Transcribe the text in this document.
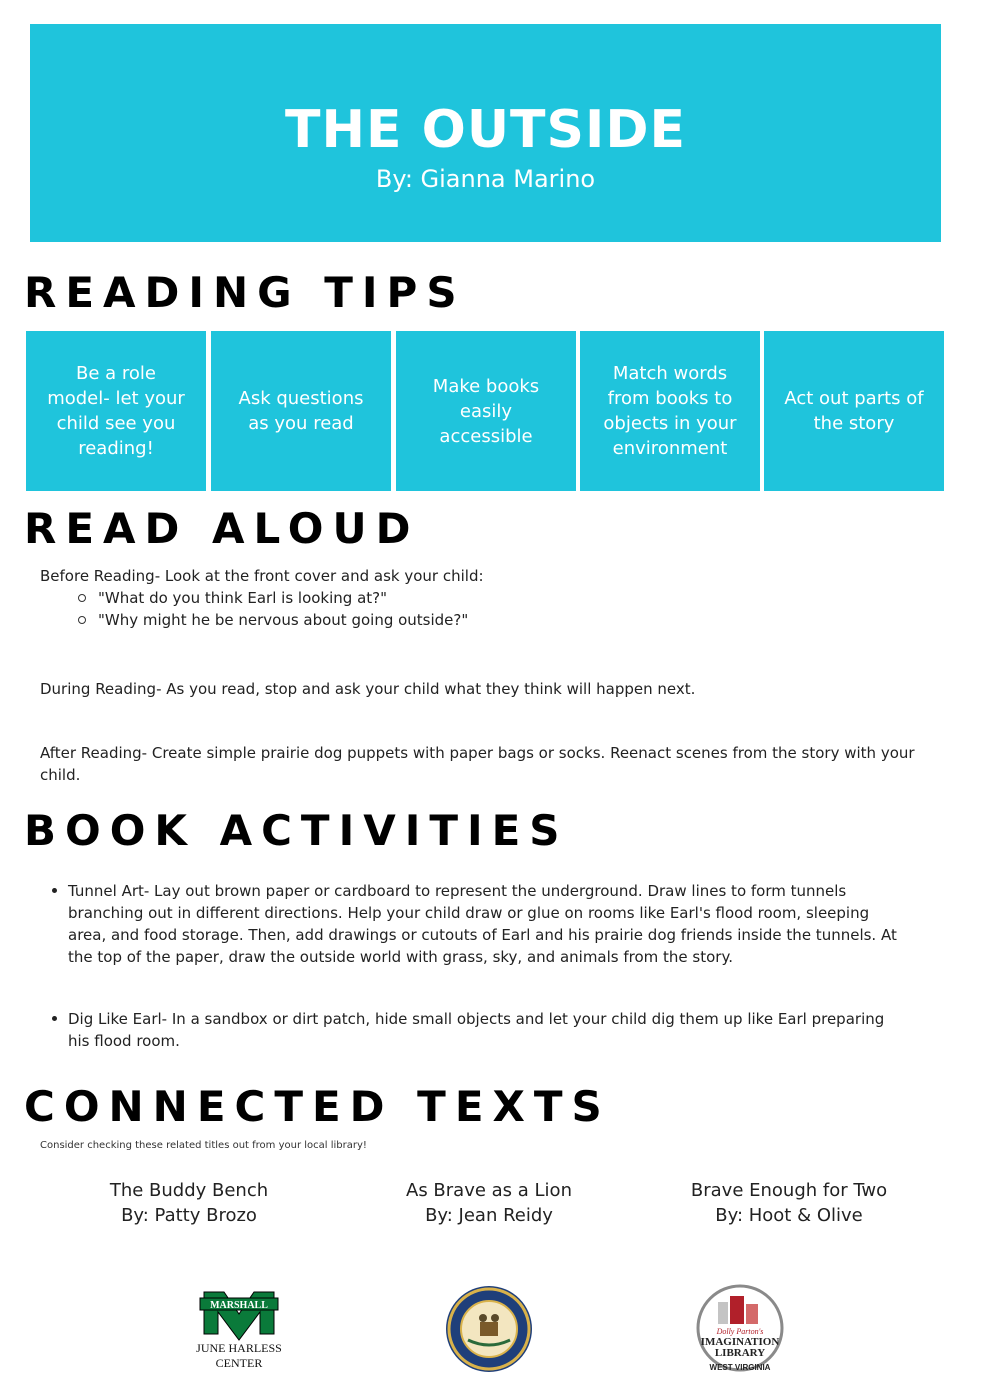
THE OUTSIDE
By: Gianna Marino
READING TIPS
Be a role model- let your child see you reading!
Ask questions as you read
Make books easily accessible
Match words from books to objects in your environment
Act out parts of the story
READ ALOUD
Before Reading- Look at the front cover and ask your child:
"What do you think Earl is looking at?"
"Why might he be nervous about going outside?"
During Reading- As you read, stop and ask your child what they think will happen next.
After Reading- Create simple prairie dog puppets with paper bags or socks. Reenact scenes from the story with your child.
BOOK ACTIVITIES
Tunnel Art- Lay out brown paper or cardboard to represent the underground. Draw lines to form tunnels branching out in different directions. Help your child draw or glue on rooms like Earl's flood room, sleeping area, and food storage. Then, add drawings or cutouts of Earl and his prairie dog friends inside the tunnels. At the top of the paper, draw the outside world with grass, sky, and animals from the story.
Dig Like Earl- In a sandbox or dirt patch, hide small objects and let your child dig them up like Earl preparing his flood room.
CONNECTED TEXTS
Consider checking these related titles out from your local library!
The Buddy Bench
By: Patty Brozo
As Brave as a Lion
By: Jean Reidy
Brave Enough for Two
By: Hoot & Olive
MARSHALL
JUNE HARLESS
CENTER
Dolly Parton's
IMAGINATION
LIBRARY
WEST VIRGINIA
